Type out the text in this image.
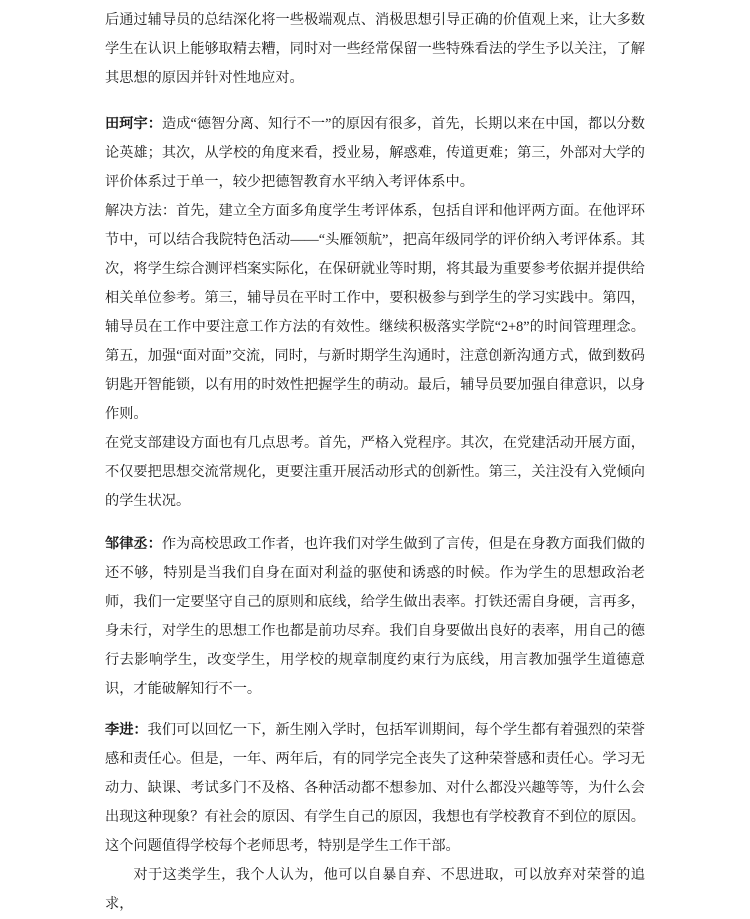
后通过辅导员的总结深化将一些极端观点、消极思想引导正确的价值观上来，让大多数学生在认识上能够取精去糟，同时对一些经常保留一些特殊看法的学生予以关注，了解其思想的原因并针对性地应对。

田珂宇：造成“德智分离、知行不一”的原因有很多，首先，长期以来在中国，都以分数论英雄；其次，从学校的角度来看，授业易，解惑难，传道更难；第三，外部对大学的评价体系过于单一，较少把德智教育水平纳入考评体系中。

解决方法：首先，建立全方面多角度学生考评体系，包括自评和他评两方面。在他评环节中，可以结合我院特色活动——“头雁领航”，把高年级同学的评价纳入考评体系。其次，将学生综合测评档案实际化，在保研就业等时期，将其最为重要参考依据并提供给相关单位参考。第三，辅导员在平时工作中，要积极参与到学生的学习实践中。第四，辅导员在工作中要注意工作方法的有效性。继续积极落实学院“2+8”的时间管理理念。第五，加强“面对面”交流，同时，与新时期学生沟通时，注意创新沟通方式，做到数码钥匙开智能锁，以有用的时效性把握学生的萌动。最后，辅导员要加强自律意识，以身作则。

在党支部建设方面也有几点思考。首先，严格入党程序。其次，在党建活动开展方面，不仅要把思想交流常规化，更要注重开展活动形式的创新性。第三，关注没有入党倾向的学生状况。

邹律丞：作为高校思政工作者，也许我们对学生做到了言传，但是在身教方面我们做的还不够，特别是当我们自身在面对利益的驱使和诱惑的时候。作为学生的思想政治老师，我们一定要坚守自己的原则和底线，给学生做出表率。打铁还需自身硬，言再多，身未行，对学生的思想工作也都是前功尽弃。我们自身要做出良好的表率，用自己的德行去影响学生，改变学生，用学校的规章制度约束行为底线，用言教加强学生道德意识，才能破解知行不一。

李进：我们可以回忆一下，新生刚入学时，包括军训期间，每个学生都有着强烈的荣誉感和责任心。但是，一年、两年后，有的同学完全丧失了这种荣誉感和责任心。学习无动力、缺课、考试多门不及格、各种活动都不想参加、对什么都没兴趣等等，为什么会出现这种现象？有社会的原因、有学生自己的原因，我想也有学校教育不到位的原因。这个问题值得学校每个老师思考，特别是学生工作干部。

对于这类学生，我个人认为，他可以自暴自弃、不思进取，可以放弃对荣誉的追求，
